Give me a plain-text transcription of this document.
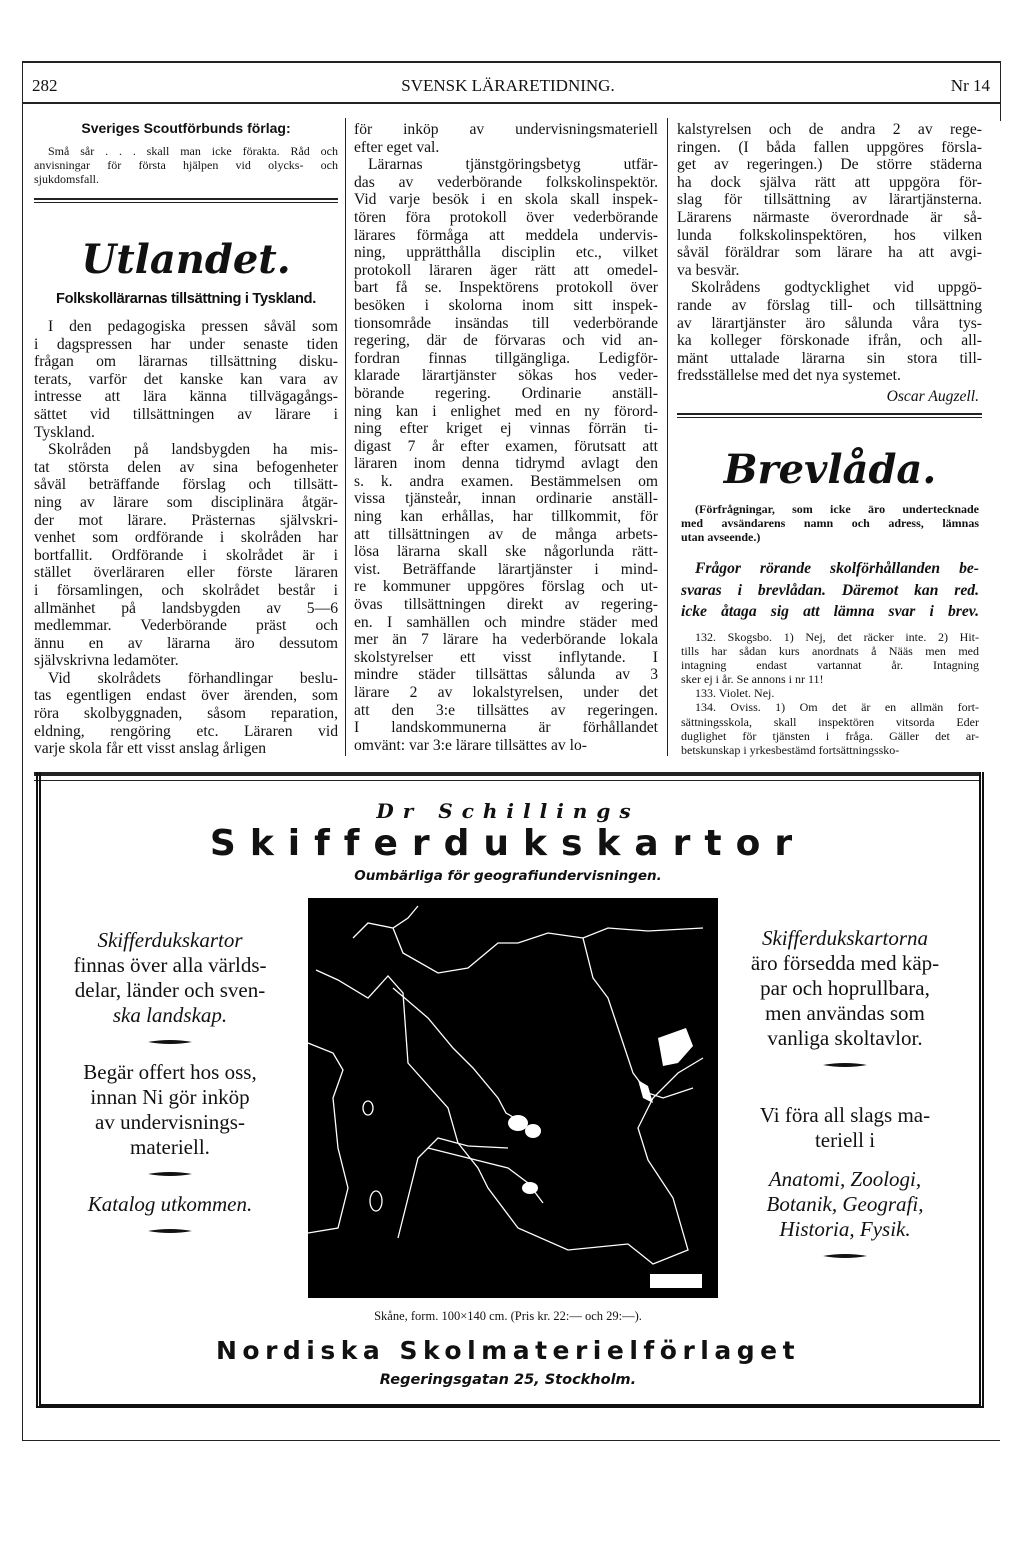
282	SVENSK LÄRARETIDNING.	Nr 14
Sveriges Scoutförbunds förlag:
Små sår . . . skall man icke förakta. Råd och
anvisningar för första hjälpen vid olycks- och
sjukdomsfall.
Utlandet.
Folkskollärarnas tillsättning i Tyskland.
I den pedagogiska pressen såväl som
i dagspressen har under senaste tiden
frågan om lärarnas tillsättning disku-
terats, varför det kanske kan vara av
intresse att lära känna tillvägagångs-
sättet vid tillsättningen av lärare i
Tyskland.
Skolråden på landsbygden ha mis-
tat största delen av sina befogenheter
såväl beträffande förslag och tillsätt-
ning av lärare som disciplinära åtgär-
der mot lärare. Prästernas självskri-
venhet som ordförande i skolråden har
bortfallit. Ordförande i skolrådet är i
stället överläraren eller förste läraren
i församlingen, och skolrådet består i
allmänhet på landsbygden av 5—6
medlemmar. Vederbörande präst och
ännu en av lärarna äro dessutom
självskrivna ledamöter.
Vid skolrådets förhandlingar beslu-
tas egentligen endast över ärenden, som
röra skolbyggnaden, såsom reparation,
eldning, rengöring etc. Läraren vid
varje skola får ett visst anslag årligen
för inköp av undervisningsmateriell
efter eget val.
Lärarnas tjänstgöringsbetyg utfär-
das av vederbörande folkskolinspektör.
Vid varje besök i en skola skall inspek-
tören föra protokoll över vederbörande
lärares förmåga att meddela undervis-
ning, upprätthålla disciplin etc., vilket
protokoll läraren äger rätt att omedel-
bart få se. Inspektörens protokoll över
besöken i skolorna inom sitt inspek-
tionsområde insändas till vederbörande
regering, där de förvaras och vid an-
fordran finnas tillgängliga. Ledigför-
klarade lärartjänster sökas hos veder-
börande regering. Ordinarie anställ-
ning kan i enlighet med en ny förord-
ning efter kriget ej vinnas förrän ti-
digast 7 år efter examen, förutsatt att
läraren inom denna tidrymd avlagt den
s. k. andra examen. Bestämmelsen om
vissa tjänsteår, innan ordinarie anställ-
ning kan erhållas, har tillkommit, för
att tillsättningen av de många arbets-
lösa lärarna skall ske någorlunda rätt-
vist. Beträffande lärartjänster i mind-
re kommuner uppgöres förslag och ut-
övas tillsättningen direkt av regering-
en. I samhällen och mindre städer med
mer än 7 lärare ha vederbörande lokala
skolstyrelser ett visst inflytande. I
mindre städer tillsättas sålunda av 3
lärare 2 av lokalstyrelsen, under det
att den 3:e tillsättes av regeringen.
I landskommunerna är förhållandet
omvänt: var 3:e lärare tillsättes av lo-
kalstyrelsen och de andra 2 av rege-
ringen. (I båda fallen uppgöres försla-
get av regeringen.) De större städerna
ha dock själva rätt att uppgöra för-
slag för tillsättning av lärartjänsterna.
Lärarens närmaste överordnade är så-
lunda folkskolinspektören, hos vilken
såväl föräldrar som lärare ha att avgi-
va besvär.
Skolrådens godtycklighet vid uppgö-
rande av förslag till- och tillsättning
av lärartjänster äro sålunda våra tys-
ka kolleger förskonade ifrån, och all-
mänt uttalade lärarna sin stora till-
fredsställelse med det nya systemet.
Oscar Augzell.
Brevlåda.
(Förfrågningar, som icke äro undertecknade
med avsändarens namn och adress, lämnas
utan avseende.)
Frågor rörande skolförhållanden be-
svaras i brevlådan. Däremot kan red.
icke åtaga sig att lämna svar i brev.
132. Skogsbo. 1) Nej, det räcker inte. 2) Hit-
tills har sådan kurs anordnats å Nääs men med
intagning endast vartannat år. Intagning
sker ej i år. Se annons i nr 11!
133. Violet. Nej.
134. Oviss. 1) Om det är en allmän fort-
sättningsskola, skall inspektören vitsorda Eder
duglighet för tjänsten i fråga. Gäller det ar-
betskunskap i yrkesbestämd fortsättningssko-
Dr Schillings
Skifferdukskartor
Oumbärliga för geografiundervisningen.
Skifferdukskartor
finnas över alla världs-
delar, länder och sven-
ska landskap.
Begär offert hos oss,
innan Ni gör inköp
av undervisnings-
materiell.
Katalog utkommen.
Skifferdukskartorna
äro försedda med käp-
par och hoprullbara,
men användas som
vanliga skoltavlor.
Vi föra all slags ma-
teriell i
Anatomi, Zoologi,
Botanik, Geografi,
Historia, Fysik.
Skåne, form. 100×140 cm. (Pris kr. 22:— och 29:—).
Nordiska Skolmaterielförlaget
Regeringsgatan 25, Stockholm.
